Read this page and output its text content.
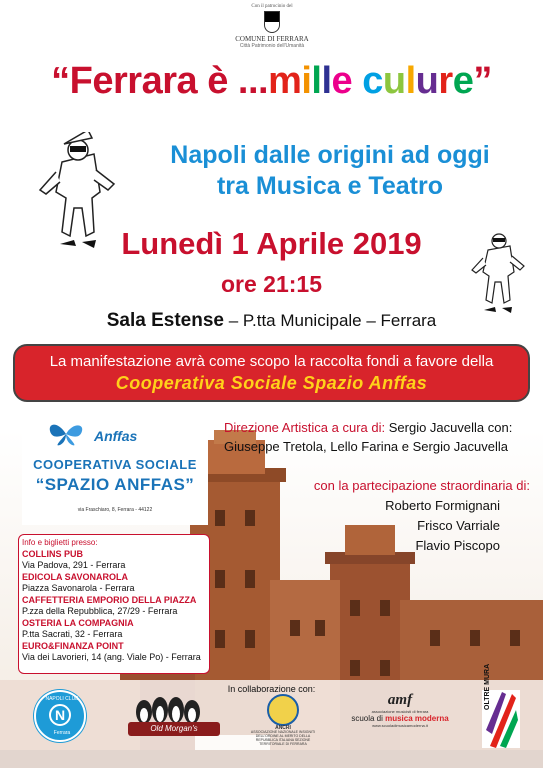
Con il patrocinio del
COMUNE DI FERRARA
Città Patrimonio dell'Umanità
“Ferrara è ...mille culure”
Napoli dalle origini ad oggi
tra Musica e Teatro
Lunedì 1 Aprile 2019
ore 21:15
Sala Estense – P.tta Municipale – Ferrara
La manifestazione avrà come scopo la raccolta fondi a favore della
Cooperativa Sociale Spazio Anffas
Anffas
COOPERATIVA SOCIALE
“SPAZIO ANFFAS”
via Fraschiaro, 8, Ferrara - 44122
Direzione Artistica a cura di: Sergio Jacuvella con:
Giuseppe Tretola, Lello Farina e Sergio Jacuvella
con la partecipazione straordinaria di:
Roberto Formignani
Frisco Varriale
Flavio Piscopo
Info e biglietti presso:
COLLINS PUB
Via Padova, 291 - Ferrara
EDICOLA SAVONAROLA
Piazza Savonarola - Ferrara
CAFFETTERIA EMPORIO DELLA PIAZZA
P.zza della Repubblica, 27/29 - Ferrara
OSTERIA LA COMPAGNIA
P.tta Sacrati, 32 - Ferrara
EURO&FINANZA POINT
Via dei Lavorieri, 14 (ang. Viale Po) - Ferrara
In collaborazione con:
NAPOLI CLUB
N
Ferrara	Old Morgan's	ANCRI
ASSOCIAZIONE NAZIONALE INSIGNITI DELL'ORDINE AL MERITO DELLA REPUBBLICA ITALIANA SEZIONE TERRITORIALE DI FERRARA
amf
associazione musicisti di ferrara
scuola di musica moderna
www.scuoladimusicamoderna.it
OLTRE MURA
